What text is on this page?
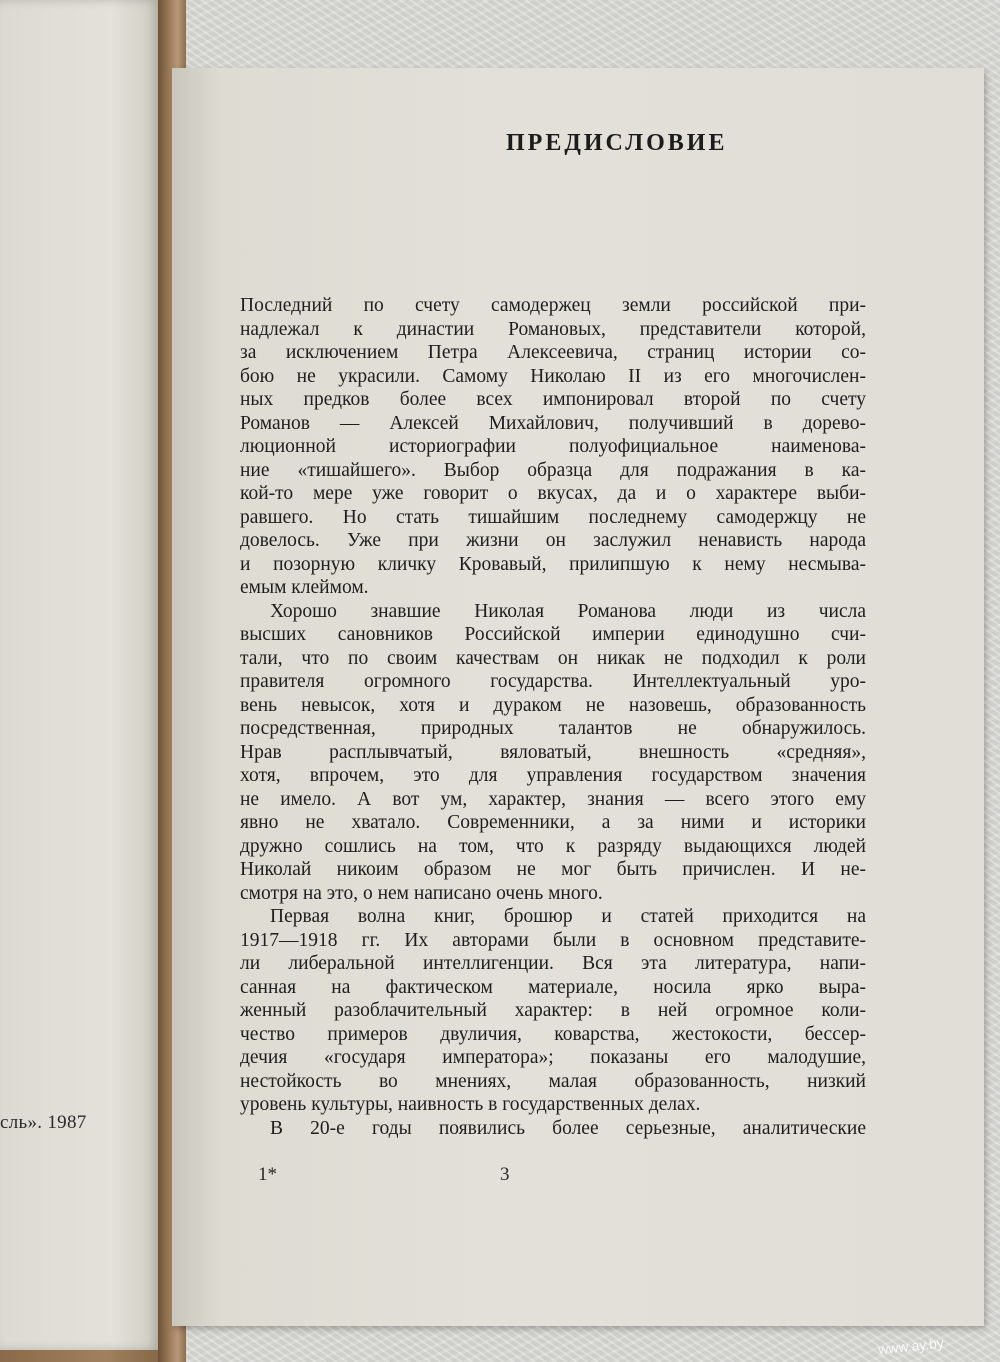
сль». 1987
ПРЕДИСЛОВИЕ
Последний по счету самодержец земли российской при-
надлежал к династии Романовых, представители которой,
за исключением Петра Алексеевича, страниц истории со-
бою не украсили. Самому Николаю II из его многочислен-
ных предков более всех импонировал второй по счету
Романов — Алексей Михайлович, получивший в дорево-
люционной историографии полуофициальное наименова-
ние «тишайшего». Выбор образца для подражания в ка-
кой-то мере уже говорит о вкусах, да и о характере выби-
равшего. Но стать тишайшим последнему самодержцу не
довелось. Уже при жизни он заслужил ненависть народа
и позорную кличку Кровавый, прилипшую к нему несмыва-
емым клеймом.
Хорошо знавшие Николая Романова люди из числа
высших сановников Российской империи единодушно счи-
тали, что по своим качествам он никак не подходил к роли
правителя огромного государства. Интеллектуальный уро-
вень невысок, хотя и дураком не назовешь, образованность
посредственная, природных талантов не обнаружилось.
Нрав расплывчатый, вяловатый, внешность «средняя»,
хотя, впрочем, это для управления государством значения
не имело. А вот ум, характер, знания — всего этого ему
явно не хватало. Современники, а за ними и историки
дружно сошлись на том, что к разряду выдающихся людей
Николай никоим образом не мог быть причислен. И не-
смотря на это, о нем написано очень много.
Первая волна книг, брошюр и статей приходится на
1917—1918 гг. Их авторами были в основном представите-
ли либеральной интеллигенции. Вся эта литература, напи-
санная на фактическом материале, носила ярко выра-
женный разоблачительный характер: в ней огромное коли-
чество примеров двуличия, коварства, жестокости, бессер-
дечия «государя императора»; показаны его малодушие,
нестойкость во мнениях, малая образованность, низкий
уровень культуры, наивность в государственных делах.
В 20-е годы появились более серьезные, аналитические
1*	3
www.ay.by
